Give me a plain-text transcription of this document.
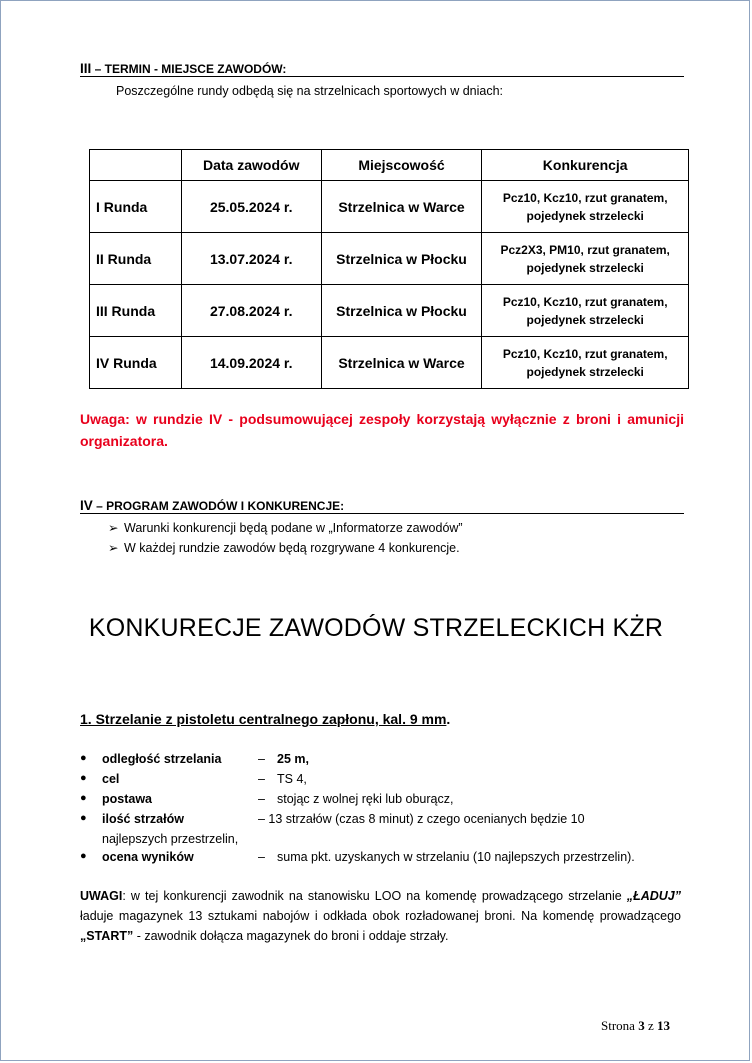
III – TERMIN - MIEJSCE ZAWODÓW:
Poszczególne rundy odbędą się na strzelnicach sportowych w dniach:
	Data zawodów	Miejscowość	Konkurencja
I Runda	25.05.2024 r.	Strzelnica w Warce	Pcz10, Kcz10, rzut granatem,
pojedynek strzelecki
II Runda	13.07.2024 r.	Strzelnica w Płocku	Pcz2X3, PM10, rzut granatem,
pojedynek strzelecki
III Runda	27.08.2024 r.	Strzelnica w Płocku	Pcz10, Kcz10, rzut granatem,
pojedynek strzelecki
IV Runda	14.09.2024 r.	Strzelnica w Warce	Pcz10, Kcz10, rzut granatem,
pojedynek strzelecki
Uwaga: w rundzie IV - podsumowującej zespoły korzystają wyłącznie z broni i amunicji organizatora.
IV – PROGRAM ZAWODÓW I KONKURENCJE:
➢ Warunki konkurencji będą podane w „Informatorze zawodów”
➢ W każdej rundzie zawodów będą rozgrywane 4 konkurencje.
KONKURECJE ZAWODÓW STRZELECKICH KŻR
1. Strzelanie z pistoletu centralnego zapłonu, kal. 9 mm.
● odległość strzelania	– 25 m,
● cel	– TS 4,
● postawa	– stojąc z wolnej ręki lub oburącz,
● ilość strzałów	– 13 strzałów (czas 8 minut) z czego ocenianych będzie 10
najlepszych przestrzelin,
● ocena wyników	– suma pkt. uzyskanych w strzelaniu (10 najlepszych przestrzelin).
UWAGI: w tej konkurencji zawodnik na stanowisku LOO na komendę prowadzącego strzelanie „ŁADUJ” ładuje magazynek 13 sztukami nabojów i odkłada obok rozładowanej broni. Na komendę prowadzącego „START” - zawodnik dołącza magazynek do broni i oddaje strzały.
Strona 3 z 13
